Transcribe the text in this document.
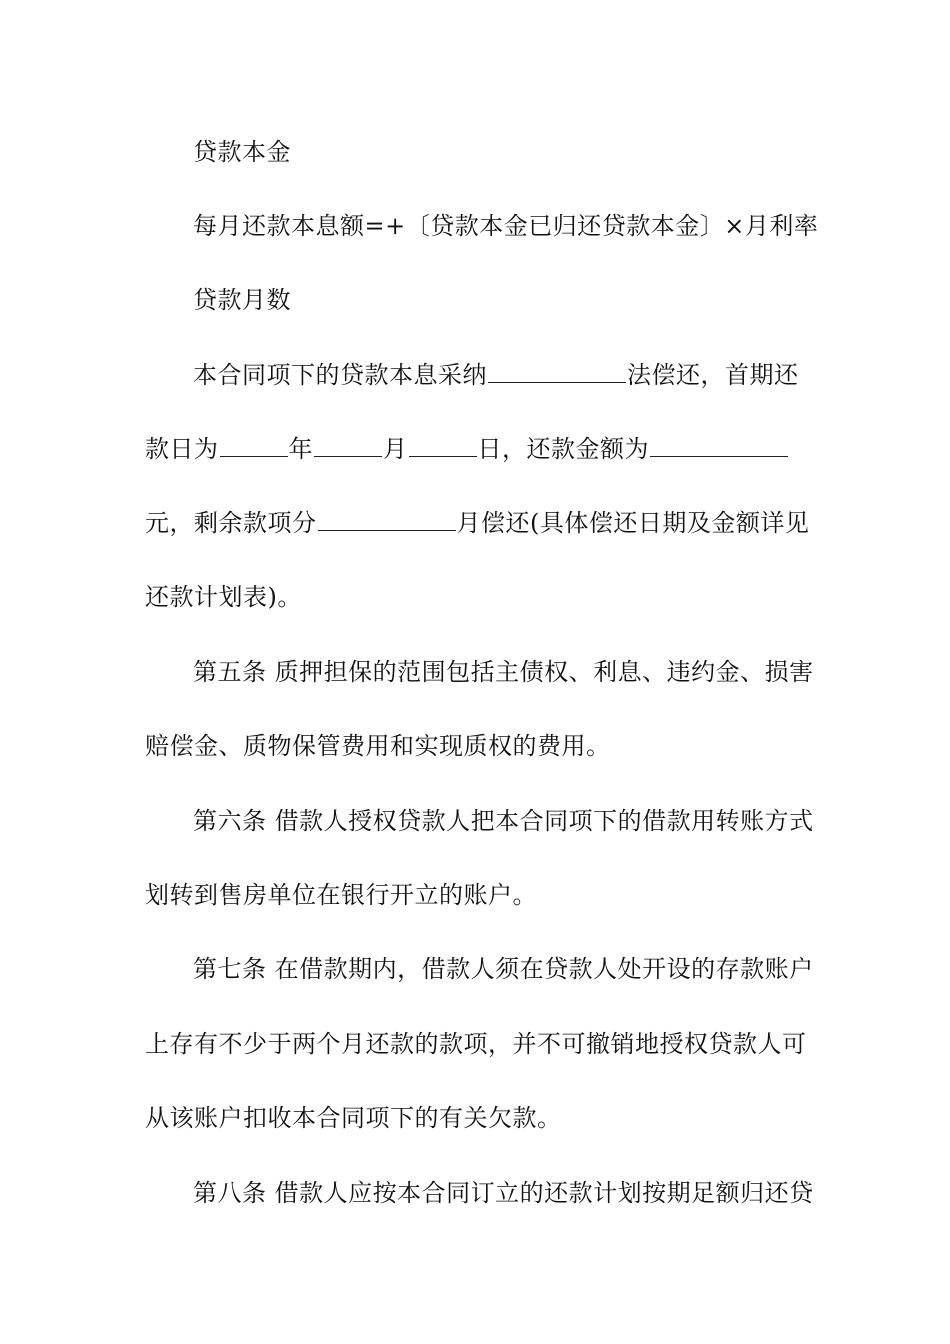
贷款本金
每月还款本息额=+〔贷款本金已归还贷款本金〕×月利率
贷款月数
本合同项下的贷款本息采纳	法偿还，首期还
款日为	年	月	日，还款金额为
元，剩余款项分	月偿还(具体偿还日期及金额详见
还款计划表)。
第五条 质押担保的范围包括主债权、利息、违约金、损害
赔偿金、质物保管费用和实现质权的费用。
第六条 借款人授权贷款人把本合同项下的借款用转账方式
划转到售房单位在银行开立的账户。
第七条 在借款期内，借款人须在贷款人处开设的存款账户
上存有不少于两个月还款的款项，并不可撤销地授权贷款人可
从该账户扣收本合同项下的有关欠款。
第八条 借款人应按本合同订立的还款计划按期足额归还贷
